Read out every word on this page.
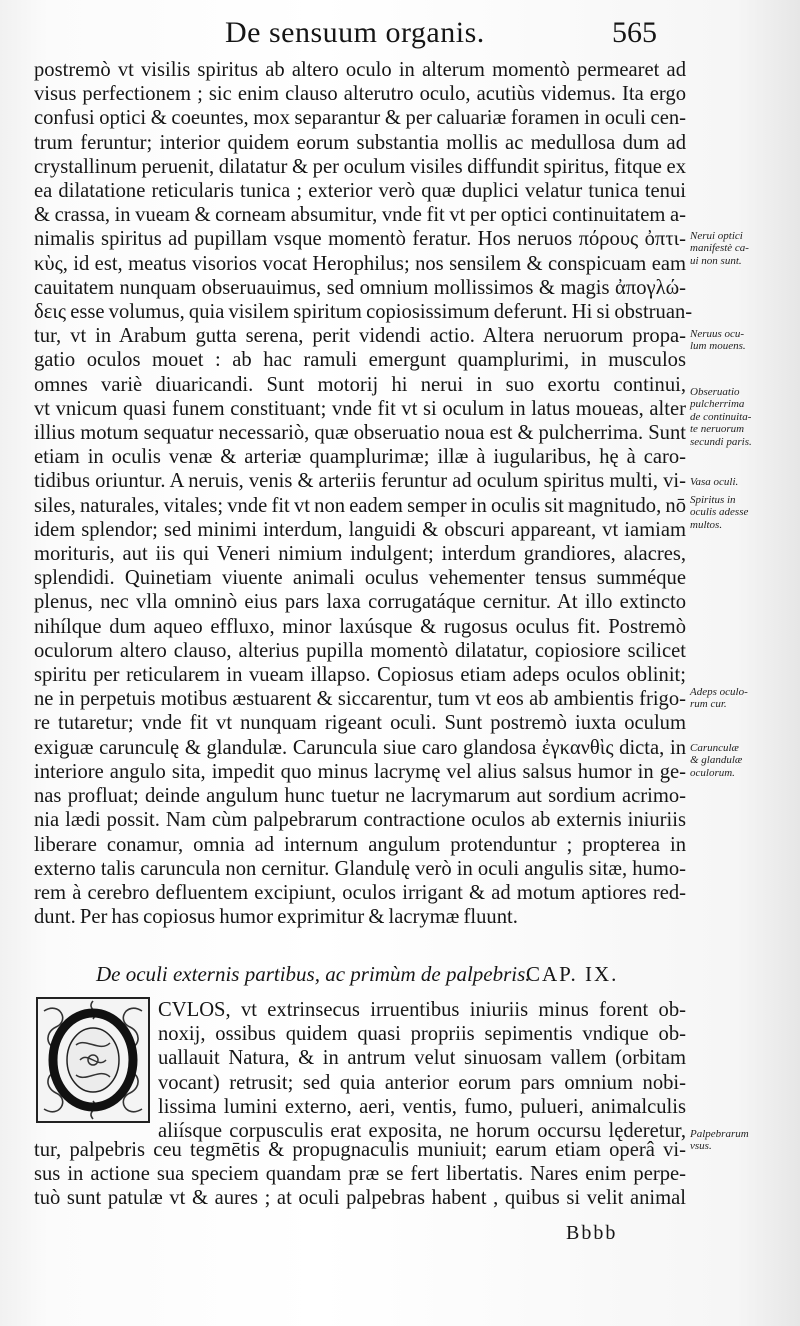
De sensuum organis.	565
postremò vt visilis spiritus ab altero oculo in alterum momentò permearet ad
visus perfectionem ; sic enim clauso alterutro oculo, acutiùs videmus. Ita ergo
confusi optici & coeuntes, mox separantur & per caluariæ foramen in oculi cen-
trum feruntur; interior quidem eorum substantia mollis ac medullosa dum ad
crystallinum peruenit, dilatatur & per oculum visiles diffundit spiritus, fitque ex
ea dilatatione reticularis tunica ; exterior verò quæ duplici velatur tunica tenui
& crassa, in vueam & corneam absumitur, vnde fit vt per optici continuitatem a-
nimalis spiritus ad pupillam vsque momentò feratur. Hos neruos πόρους ὀπτι-
κὺς, id est, meatus visorios vocat Herophilus; nos sensilem & conspicuam eam
cauitatem nunquam obseruauimus, sed omnium mollissimos & magis ἀπογλώ-
δεις esse volumus, quia visilem spiritum copiosissimum deferunt. Hi si obstruan-
tur, vt in Arabum gutta serena, perit videndi actio. Altera neruorum propa-
gatio oculos mouet : ab hac ramuli emergunt quamplurimi, in musculos
omnes variè diuaricandi. Sunt motorij hi nerui in suo exortu continui,
vt vnicum quasi funem constituant; vnde fit vt si oculum in latus moueas, alter
illius motum sequatur necessariò, quæ obseruatio noua est & pulcherrima. Sunt
etiam in oculis venæ & arteriæ quamplurimæ; illæ à iugularibus, hę à caro-
tidibus oriuntur. A neruis, venis & arteriis feruntur ad oculum spiritus multi, vi-
siles, naturales, vitales; vnde fit vt non eadem semper in oculis sit magnitudo, nō
idem splendor; sed minimi interdum, languidi & obscuri appareant, vt iamiam
morituris, aut iis qui Veneri nimium indulgent; interdum grandiores, alacres,
splendidi. Quinetiam viuente animali oculus vehementer tensus summéque
plenus, nec vlla omninò eius pars laxa corrugatáque cernitur. At illo extincto
nihílque dum aqueo effluxo, minor laxúsque & rugosus oculus fit. Postremò
oculorum altero clauso, alterius pupilla momentò dilatatur, copiosiore scilicet
spiritu per reticularem in vueam illapso. Copiosus etiam adeps oculos oblinit;
ne in perpetuis motibus æstuarent & siccarentur, tum vt eos ab ambientis frigo-
re tutaretur; vnde fit vt nunquam rigeant oculi. Sunt postremò iuxta oculum
exiguæ carunculę & glandulæ. Caruncula siue caro glandosa ἐγκανθὶς dicta, in
interiore angulo sita, impedit quo minus lacrymę vel alius salsus humor in ge-
nas profluat; deinde angulum hunc tuetur ne lacrymarum aut sordium acrimo-
nia lædi possit. Nam cùm palpebrarum contractione oculos ab externis iniuriis
liberare conamur, omnia ad internum angulum protenduntur ; propterea in
externo talis caruncula non cernitur. Glandulę verò in oculi angulis sitæ, humo-
rem à cerebro defluentem excipiunt, oculos irrigant & ad motum aptiores red-
dunt. Per has copiosus humor exprimitur & lacrymæ fluunt.
De oculi externis partibus, ac primùm de palpebris.
CAP. IX.
O
CVLOS, vt extrinsecus irruentibus iniuriis minus forent ob-
noxij, ossibus quidem quasi propriis sepimentis vndique ob-
uallauit Natura, & in antrum velut sinuosam vallem (orbitam
vocant) retrusit; sed quia anterior eorum pars omnium nobi-
lissima lumini externo, aeri, ventis, fumo, pulueri, animalculis
aliísque corpusculis erat exposita, ne horum occursu lęderetur,
tur, palpebris ceu tegmētis & propugnaculis muniuit; earum etiam operâ vi-
sus in actione sua speciem quandam præ se fert libertatis. Nares enim perpe-
tuò sunt patulæ vt & aures ; at oculi palpebras habent , quibus si velit animal
Bbbb
Nerui optici
manifestè ca-
ui non sunt.
Neruus ocu-
lum mouens.
Obseruatio
pulcherrima
de continuita-
te neruorum
secundi paris.
Vasa oculi.
Spiritus in
oculis adesse
multos.
Adeps oculo-
rum cur.
Carunculæ
& glandulæ
oculorum.
Palpebrarum
vsus.
